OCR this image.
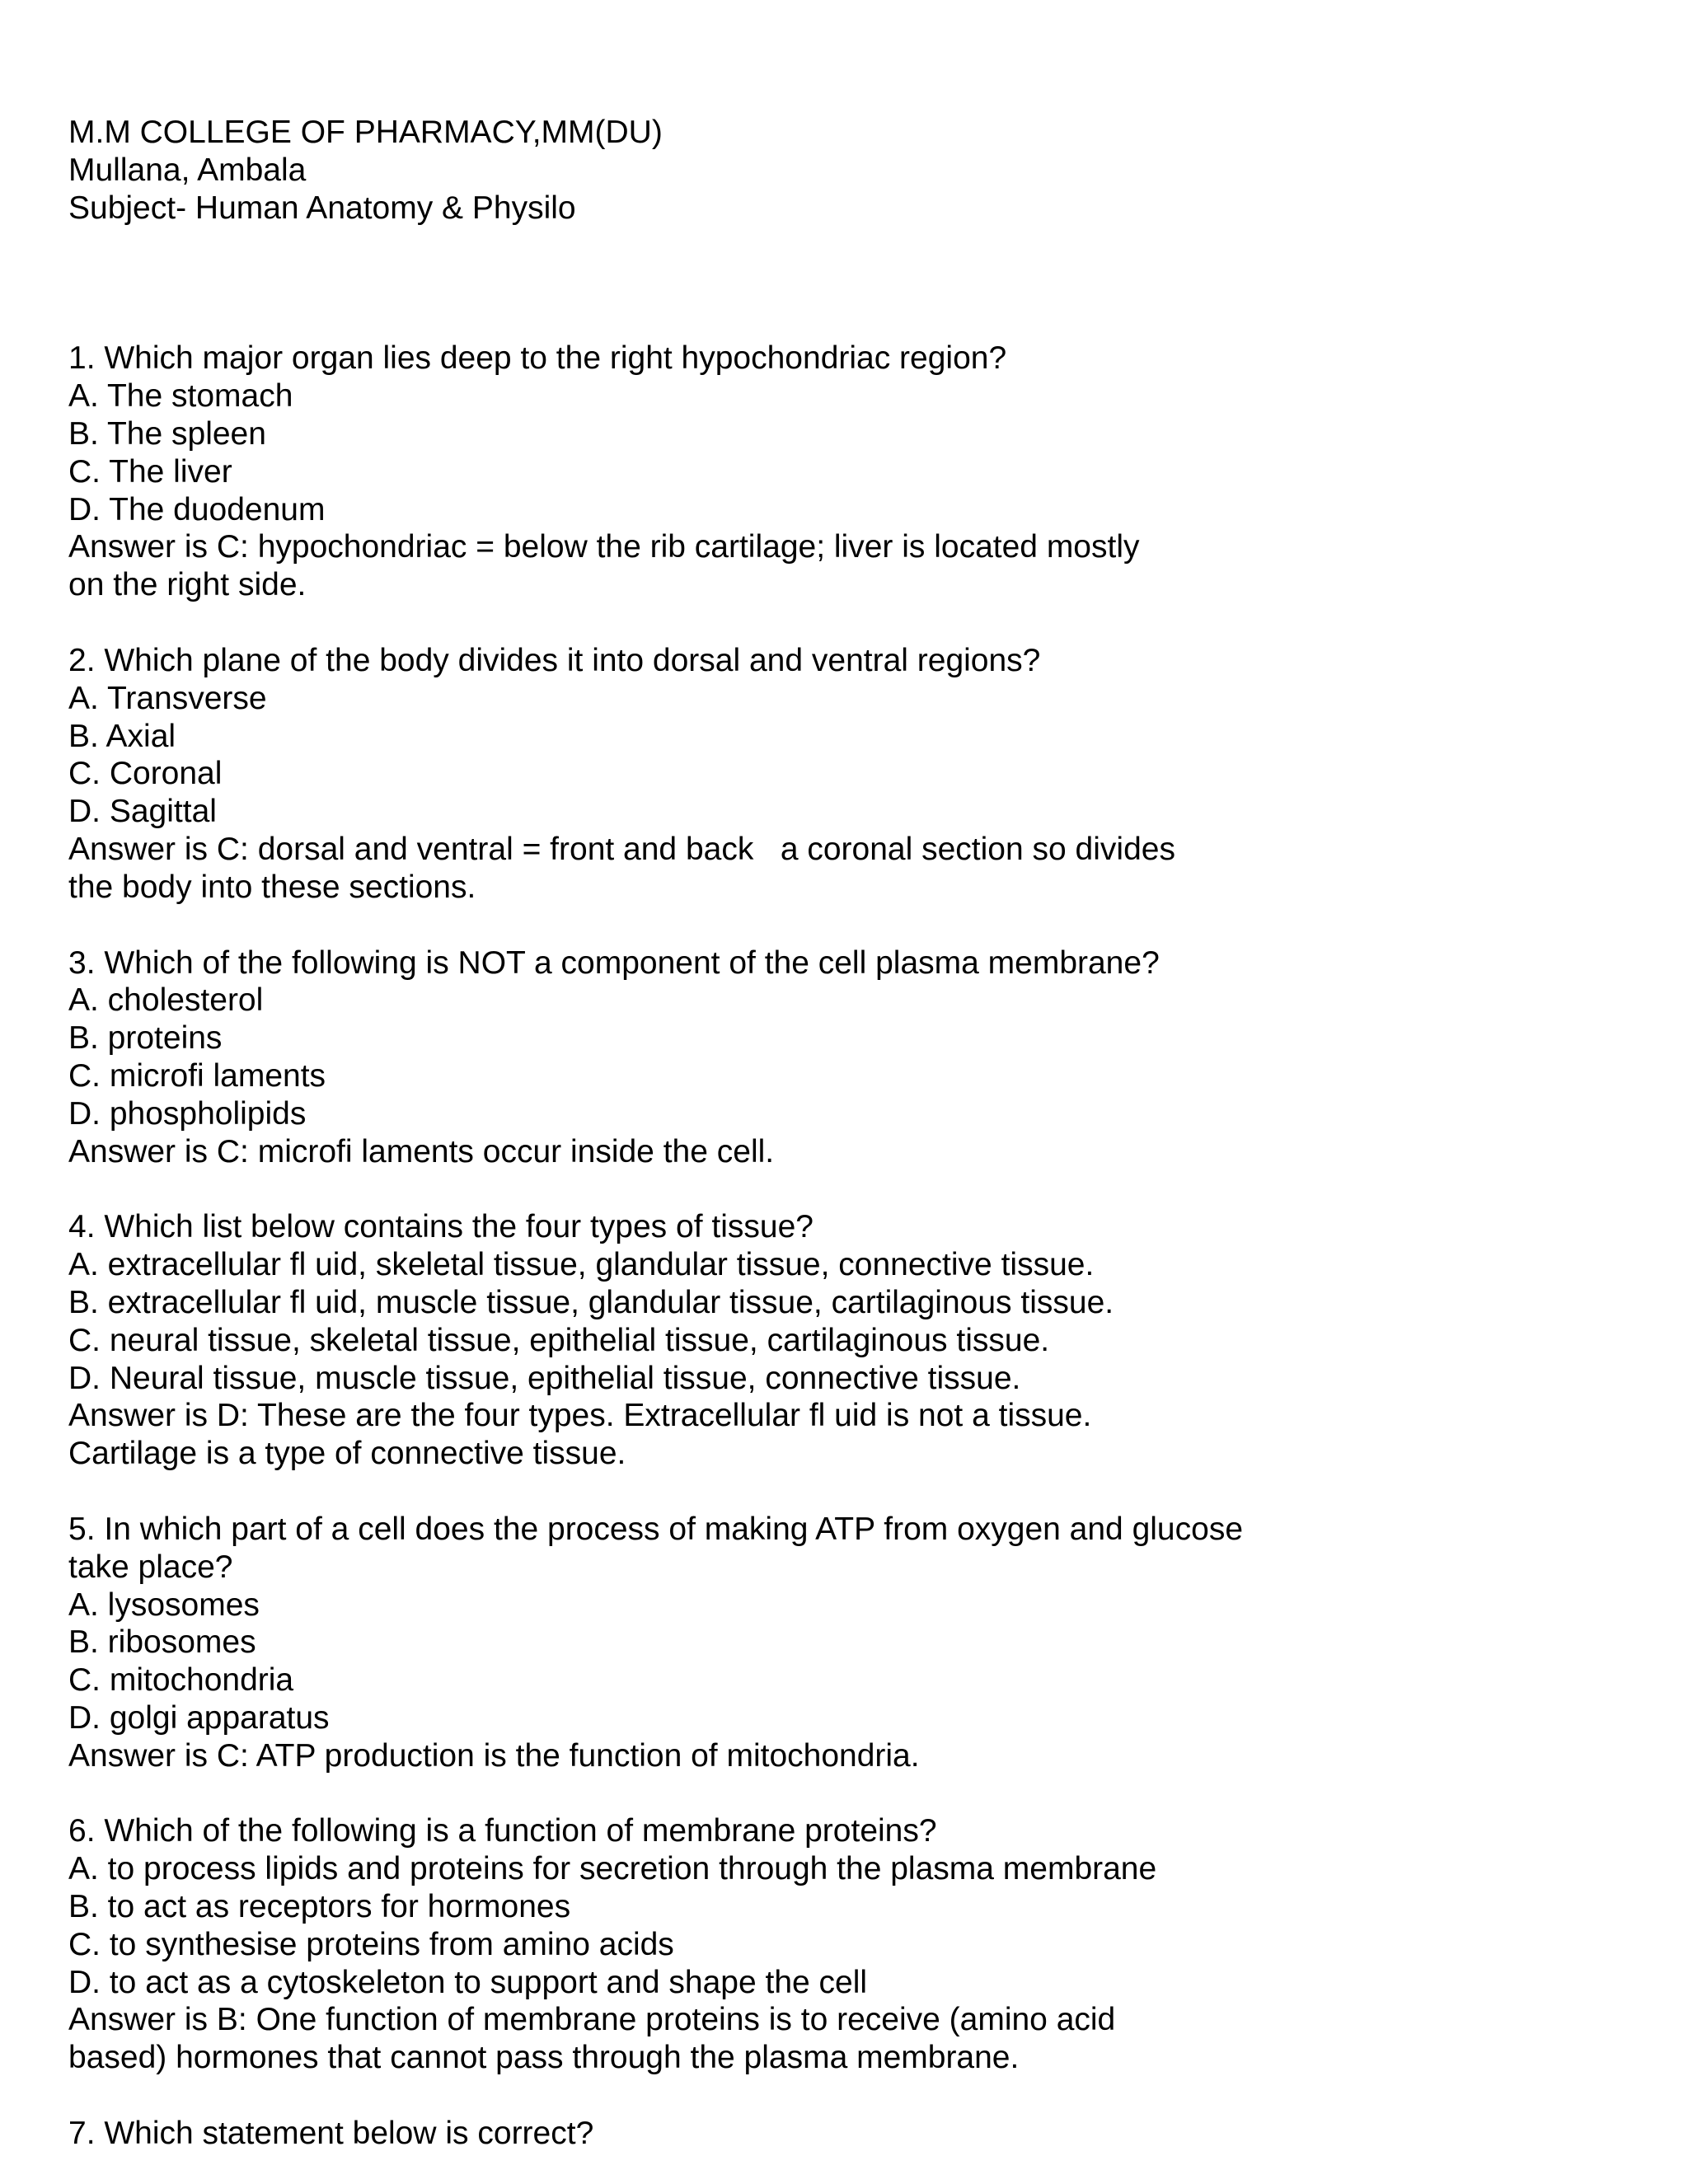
M.M COLLEGE OF PHARMACY,MM(DU)
Mullana, Ambala
Subject- Human Anatomy & Physilo
1. Which major organ lies deep to the right hypochondriac region?
A. The stomach
B. The spleen
C. The liver
D. The duodenum
Answer is C: hypochondriac = below the rib cartilage; liver is located mostly
on the right side.
2. Which plane of the body divides it into dorsal and ventral regions?
A. Transverse
B. Axial
C. Coronal
D. Sagittal
Answer is C: dorsal and ventral = front and back   a coronal section so divides
the body into these sections.
3. Which of the following is NOT a component of the cell plasma membrane?
A. cholesterol
B. proteins
C. microfi laments
D. phospholipids
Answer is C: microfi laments occur inside the cell.
4. Which list below contains the four types of tissue?
A. extracellular fl uid, skeletal tissue, glandular tissue, connective tissue.
B. extracellular fl uid, muscle tissue, glandular tissue, cartilaginous tissue.
C. neural tissue, skeletal tissue, epithelial tissue, cartilaginous tissue.
D. Neural tissue, muscle tissue, epithelial tissue, connective tissue.
Answer is D: These are the four types. Extracellular fl uid is not a tissue.
Cartilage is a type of connective tissue.
5. In which part of a cell does the process of making ATP from oxygen and glucose
take place?
A. lysosomes
B. ribosomes
C. mitochondria
D. golgi apparatus
Answer is C: ATP production is the function of mitochondria.
6. Which of the following is a function of membrane proteins?
A. to process lipids and proteins for secretion through the plasma membrane
B. to act as receptors for hormones
C. to synthesise proteins from amino acids
D. to act as a cytoskeleton to support and shape the cell
Answer is B: One function of membrane proteins is to receive (amino acid
based) hormones that cannot pass through the plasma membrane.
7. Which statement below is correct?
